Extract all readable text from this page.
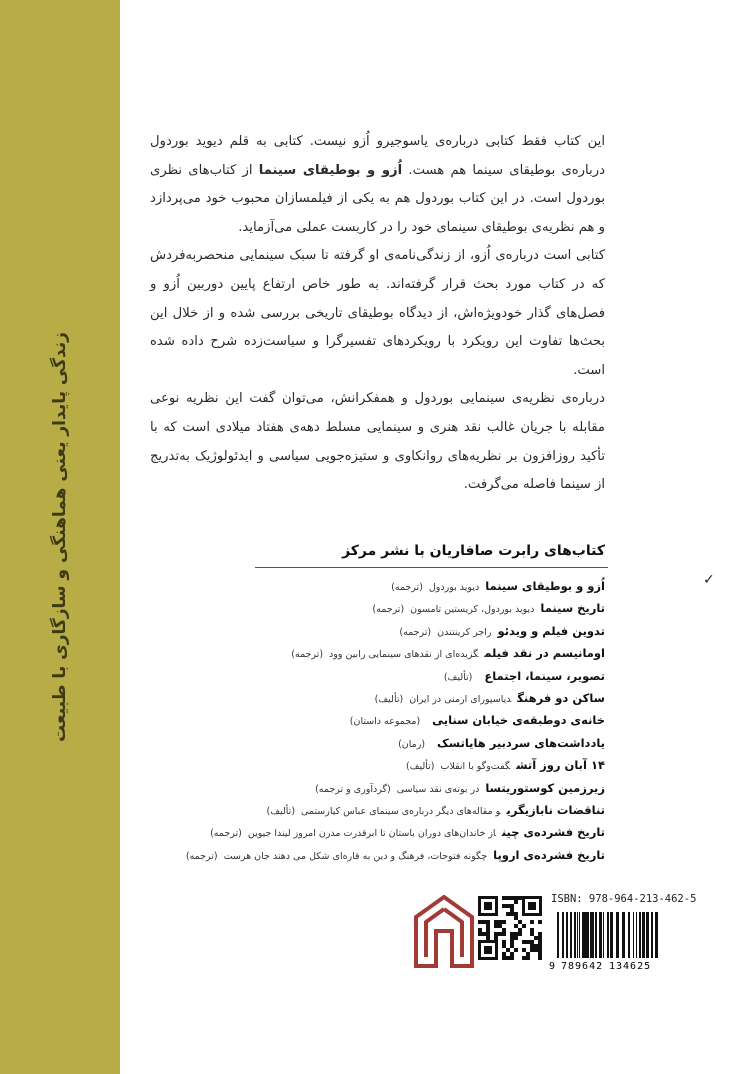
زندگی پایدار یعنی هماهنگی و سازگاری با طبیعت

این کتاب فقط کتابی درباره‌ی یاسوجیرو اُزو نیست. کتابی به قلم دیوید بوردول درباره‌ی بوطیقای سینما هم هست. اُزو و بوطیقای سینما از کتاب‌های نظری بوردول است. در این کتاب بوردول هم به یکی از فیلمسازان محبوب خود می‌پردازد و هم نظریه‌ی بوطیقای سینمای خود را در کاربست عملی می‌آزماید.

کتابی است درباره‌ی اُزو، از زندگی‌نامه‌ی او گرفته تا سبک سینمایی منحصربه‌فردش که در کتاب مورد بحث قرار گرفته‌اند. به طور خاص ارتفاع پایین دوربین اُزو و فصل‌های گذار خودویژه‌اش، از دیدگاه بوطیقای تاریخی بررسی شده و از خلال این بحث‌ها تفاوت این رویکرد با رویکردهای تفسیرگرا و سیاست‌زده شرح داده شده است.

درباره‌ی نظریه‌ی سینمایی بوردول و همفکرانش، می‌توان گفت این نظریه نوعی مقابله با جریان غالب نقد هنری و سینمایی مسلط دهه‌ی هفتاد میلادی است که با تأکید روزافزون بر نظریه‌های روانکاوی و ستیزه‌جویی سیاسی و ایدئولوژیک به‌تدریج از سینما فاصله می‌گرفت.

کتاب‌های رابرت صافاریان با نشر مرکز
✓
اُزو و بوطیقای سینمادیوید بوردول(ترجمه)
تاریخ سینمادیوید بوردول، کریستین تامسون(ترجمه)
تدوین فیلم و ویدئوراجر کرینتندن(ترجمه)
اومانیسم در نقد فیلمگزیده‌ای از نقدهای سینمایی رابین وود(ترجمه)
تصویر، سینما، اجتماع(تألیف)
ساکن دو فرهنگدیاسپورای ارمنی در ایران(تألیف)
خانه‌ی دوطبقه‌ی خیابان سنایی(مجموعه داستان)
یادداشت‌های سردبیر هایاتسک(رمان)
۱۴ آبان روز آتشگفت‌وگو با انقلاب(تألیف)
زیرزمین کوستوریتسادر بوته‌ی نقد سیاسی(گردآوری و ترجمه)
تناقضات نابازیگریو مقاله‌های دیگر درباره‌ی سینمای عباس کیارستمی(تألیف)
تاریخ فشرده‌ی چیناز خاندان‌های دوران باستان تا ابرقدرت مدرن امروز لیندا جیوین(ترجمه)
تاریخ فشرده‌ی اروپاچگونه فتوحات، فرهنگ و دین به قاره‌ای شکل می دهند جان هرست(ترجمه)
ISBN: 978-964-213-462-5
9 789642 134625
